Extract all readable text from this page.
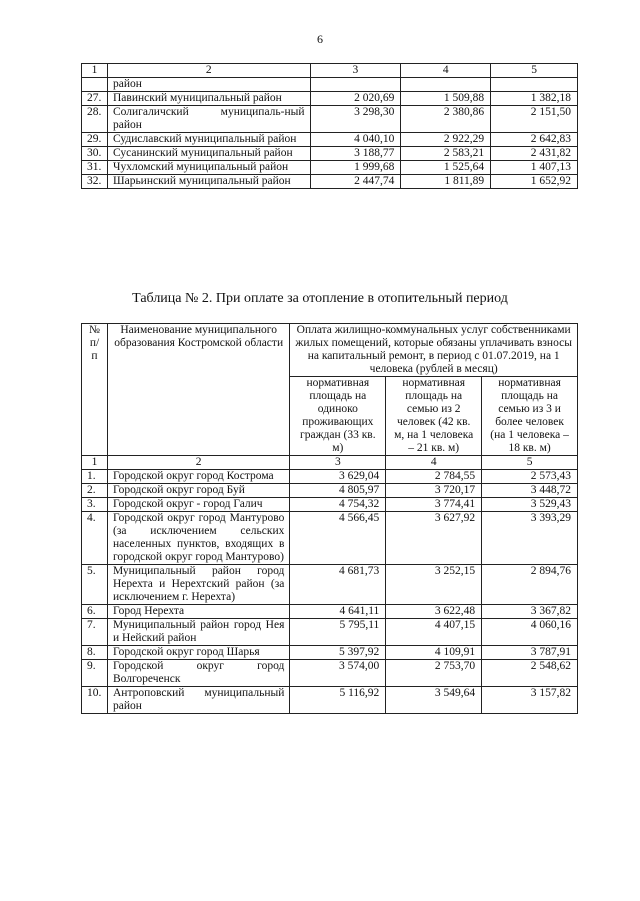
6
1	2	3	4	5
	район			
27.	Павинский муниципальный район	2 020,69	1 509,88	1 382,18
28.	Солигаличский муниципаль-ный район	3 298,30	2 380,86	2 151,50
29.	Судиславский муниципальный район	4 040,10	2 922,29	2 642,83
30.	Сусанинский муниципальный район	3 188,77	2 583,21	2 431,82
31.	Чухломский муниципальный район	1 999,68	1 525,64	1 407,13
32.	Шарьинский муниципальный район	2 447,74	1 811,89	1 652,92
Таблица № 2. При оплате за отопление в отопительный период
№ п/п	Наименование муниципального образования Костромской области	Оплата жилищно-коммунальных услуг собственниками жилых помещений, которые обязаны уплачивать взносы на капитальный ремонт, в период с 01.07.2019, на 1 человека (рублей в месяц)		
		нормативная площадь на одиноко проживающих граждан (33 кв. м)	нормативная площадь на семью из 2 человек (42 кв. м, на 1 человека – 21 кв. м)	нормативная площадь на семью из 3 и более человек (на 1 человека – 18 кв. м)
1	2	3	4	5
1.	Городской округ город Кострома	3 629,04	2 784,55	2 573,43
2.	Городской округ город Буй	4 805,97	3 720,17	3 448,72
3.	Городской округ - город Галич	4 754,32	3 774,41	3 529,43
4.	Городской округ город Мантурово (за исключением сельских населенных пунктов, входящих в городской округ город Мантурово)	4 566,45	3 627,92	3 393,29
5.	Муниципальный район город Нерехта и Нерехтский район (за исключением г. Нерехта)	4 681,73	3 252,15	2 894,76
6.	Город Нерехта	4 641,11	3 622,48	3 367,82
7.	Муниципальный район город Нея и Нейский район	5 795,11	4 407,15	4 060,16
8.	Городской округ город Шарья	5 397,92	4 109,91	3 787,91
9.	Городской округ город Волгореченск	3 574,00	2 753,70	2 548,62
10.	Антроповский муниципальный район	5 116,92	3 549,64	3 157,82
